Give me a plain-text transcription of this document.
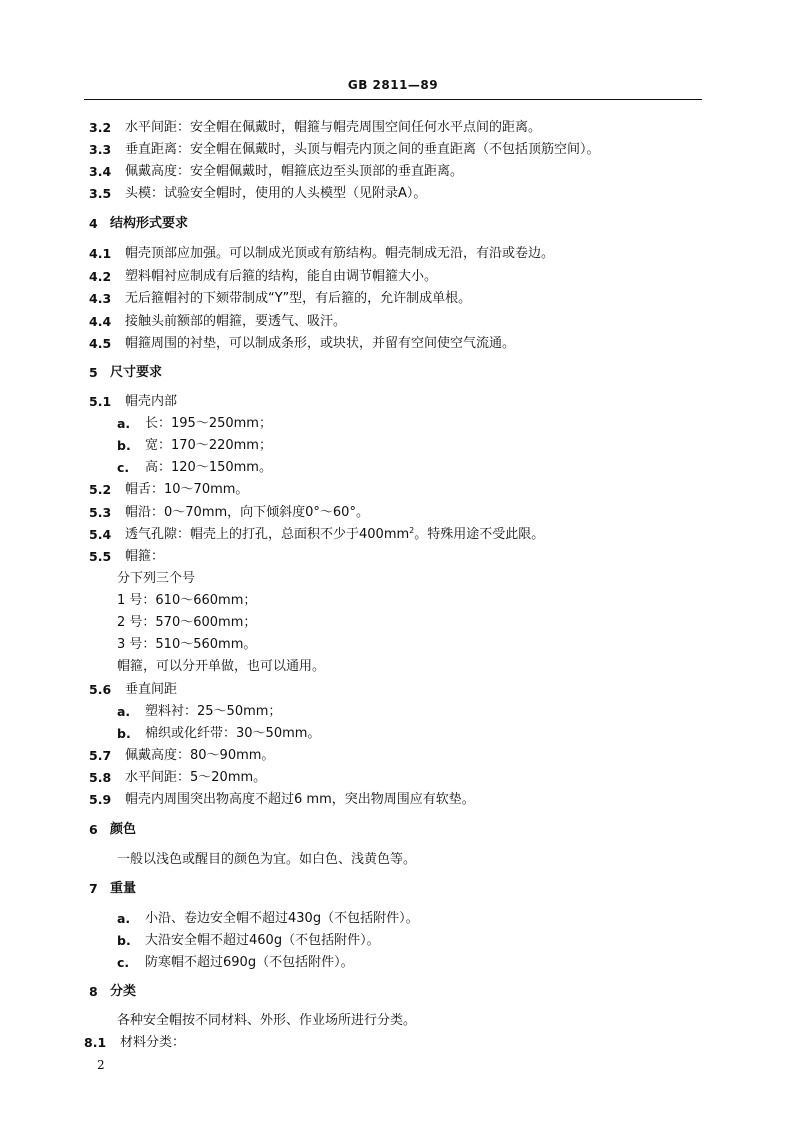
GB 2811—89
3.2 水平间距：安全帽在佩戴时，帽箍与帽壳周围空间任何水平点间的距离。
3.3 垂直距离：安全帽在佩戴时，头顶与帽壳内顶之间的垂直距离（不包括顶筋空间）。
3.4 佩戴高度：安全帽佩戴时，帽箍底边至头顶部的垂直距离。
3.5 头模：试验安全帽时，使用的人头模型（见附录A）。
4 结构形式要求
4.1 帽壳顶部应加强。可以制成光顶或有筋结构。帽壳制成无沿，有沿或卷边。
4.2 塑料帽衬应制成有后箍的结构，能自由调节帽箍大小。
4.3 无后箍帽衬的下颏带制成“Y”型，有后箍的，允许制成单根。
4.4 接触头前额部的帽箍，要透气、吸汗。
4.5 帽箍周围的衬垫，可以制成条形，或块状，并留有空间使空气流通。
5 尺寸要求
5.1 帽壳内部
a. 长：195～250mm；
b. 宽：170～220mm；
c. 高：120～150mm。
5.2 帽舌：10～70mm。
5.3 帽沿：0～70mm，向下倾斜度0°～60°。
5.4 透气孔隙：帽壳上的打孔，总面积不少于$400mm^2$。特殊用途不受此限。
5.5 帽箍：
分下列三个号
1 号：610～660mm；
2 号：570～600mm；
3 号：510～560mm。
帽箍，可以分开单做，也可以通用。
5.6 垂直间距
a. 塑料衬：25～50mm；
b. 棉织或化纤带：30～50mm。
5.7 佩戴高度：80～90mm。
5.8 水平间距：5～20mm。
5.9 帽壳内周围突出物高度不超过6 mm，突出物周围应有软垫。
6 颜色
一般以浅色或醒目的颜色为宜。如白色、浅黄色等。
7 重量
a. 小沿、卷边安全帽不超过430g（不包括附件）。
b. 大沿安全帽不超过460g（不包括附件）。
c. 防寒帽不超过690g（不包括附件）。
8 分类
各种安全帽按不同材料、外形、作业场所进行分类。
8.1 材料分类：
2
